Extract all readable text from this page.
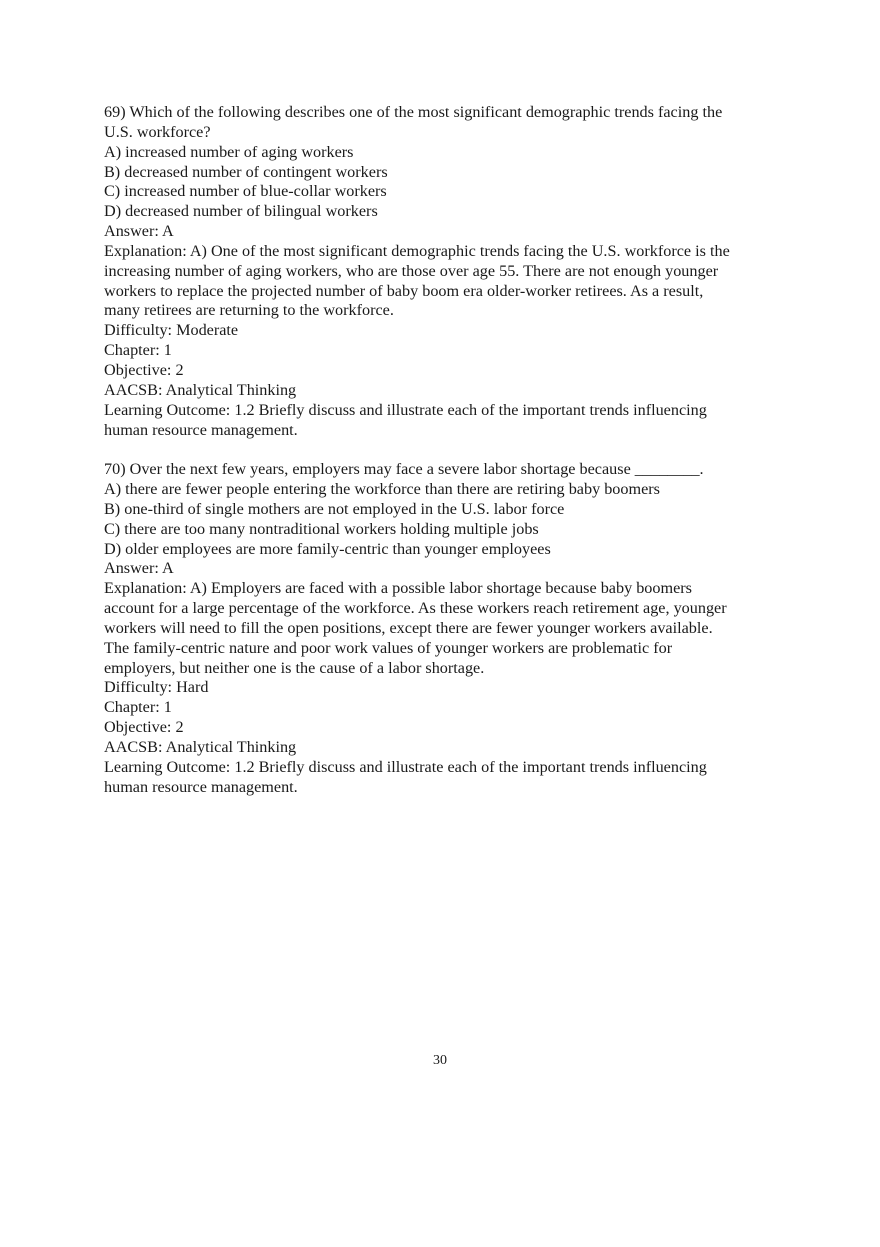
69) Which of the following describes one of the most significant demographic trends facing the
U.S. workforce?
A) increased number of aging workers
B) decreased number of contingent workers
C) increased number of blue-collar workers
D) decreased number of bilingual workers
Answer: A
Explanation: A) One of the most significant demographic trends facing the U.S. workforce is the
increasing number of aging workers, who are those over age 55. There are not enough younger
workers to replace the projected number of baby boom era older-worker retirees. As a result,
many retirees are returning to the workforce.
Difficulty: Moderate
Chapter: 1
Objective: 2
AACSB: Analytical Thinking
Learning Outcome: 1.2 Briefly discuss and illustrate each of the important trends influencing
human resource management.
70) Over the next few years, employers may face a severe labor shortage because ________.
A) there are fewer people entering the workforce than there are retiring baby boomers
B) one-third of single mothers are not employed in the U.S. labor force
C) there are too many nontraditional workers holding multiple jobs
D) older employees are more family-centric than younger employees
Answer: A
Explanation: A) Employers are faced with a possible labor shortage because baby boomers
account for a large percentage of the workforce. As these workers reach retirement age, younger
workers will need to fill the open positions, except there are fewer younger workers available.
The family-centric nature and poor work values of younger workers are problematic for
employers, but neither one is the cause of a labor shortage.
Difficulty: Hard
Chapter: 1
Objective: 2
AACSB: Analytical Thinking
Learning Outcome: 1.2 Briefly discuss and illustrate each of the important trends influencing
human resource management.
30
